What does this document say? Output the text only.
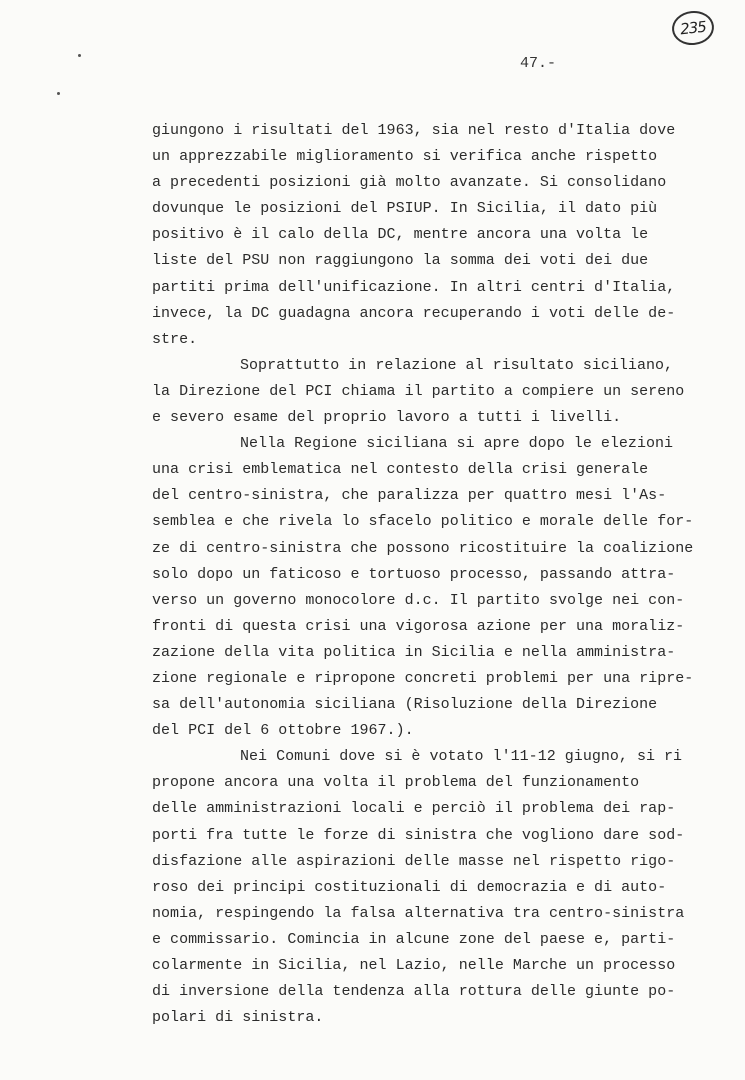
235
47.-
giungono i risultati del 1963, sia nel resto d'Italia dove
un apprezzabile miglioramento si verifica anche rispetto
a precedenti posizioni già molto avanzate. Si consolidano
dovunque le posizioni del PSIUP. In Sicilia, il dato più
positivo è il calo della DC, mentre ancora una volta le
liste del PSU non raggiungono la somma dei voti dei due
partiti prima dell'unificazione. In altri centri d'Italia,
invece, la DC guadagna ancora recuperando i voti delle de-
stre.
Soprattutto in relazione al risultato siciliano,
la Direzione del PCI chiama il partito a compiere un sereno
e severo esame del proprio lavoro a tutti i livelli.
Nella Regione siciliana si apre dopo le elezioni
una crisi emblematica nel contesto della crisi generale
del centro-sinistra, che paralizza per quattro mesi l'As-
semblea e che rivela lo sfacelo politico e morale delle for-
ze di centro-sinistra che possono ricostituire la coalizione
solo dopo un faticoso e tortuoso processo, passando attra-
verso un governo monocolore d.c. Il partito svolge nei con-
fronti di questa crisi una vigorosa azione per una moraliz-
zazione della vita politica in Sicilia e nella amministra-
zione regionale e ripropone concreti problemi per una ripre-
sa dell'autonomia siciliana (Risoluzione della Direzione
del PCI del 6 ottobre 1967.).
Nei Comuni dove si è votato l'11-12 giugno, si ri
propone ancora una volta il problema del funzionamento
delle amministrazioni locali e perciò il problema dei rap-
porti fra tutte le forze di sinistra che vogliono dare sod-
disfazione alle aspirazioni delle masse nel rispetto rigo-
roso dei principi costituzionali di democrazia e di auto-
nomia, respingendo la falsa alternativa tra centro-sinistra
e commissario. Comincia in alcune zone del paese e, parti-
colarmente in Sicilia, nel Lazio, nelle Marche un processo
di inversione della tendenza alla rottura delle giunte po-
polari di sinistra.
